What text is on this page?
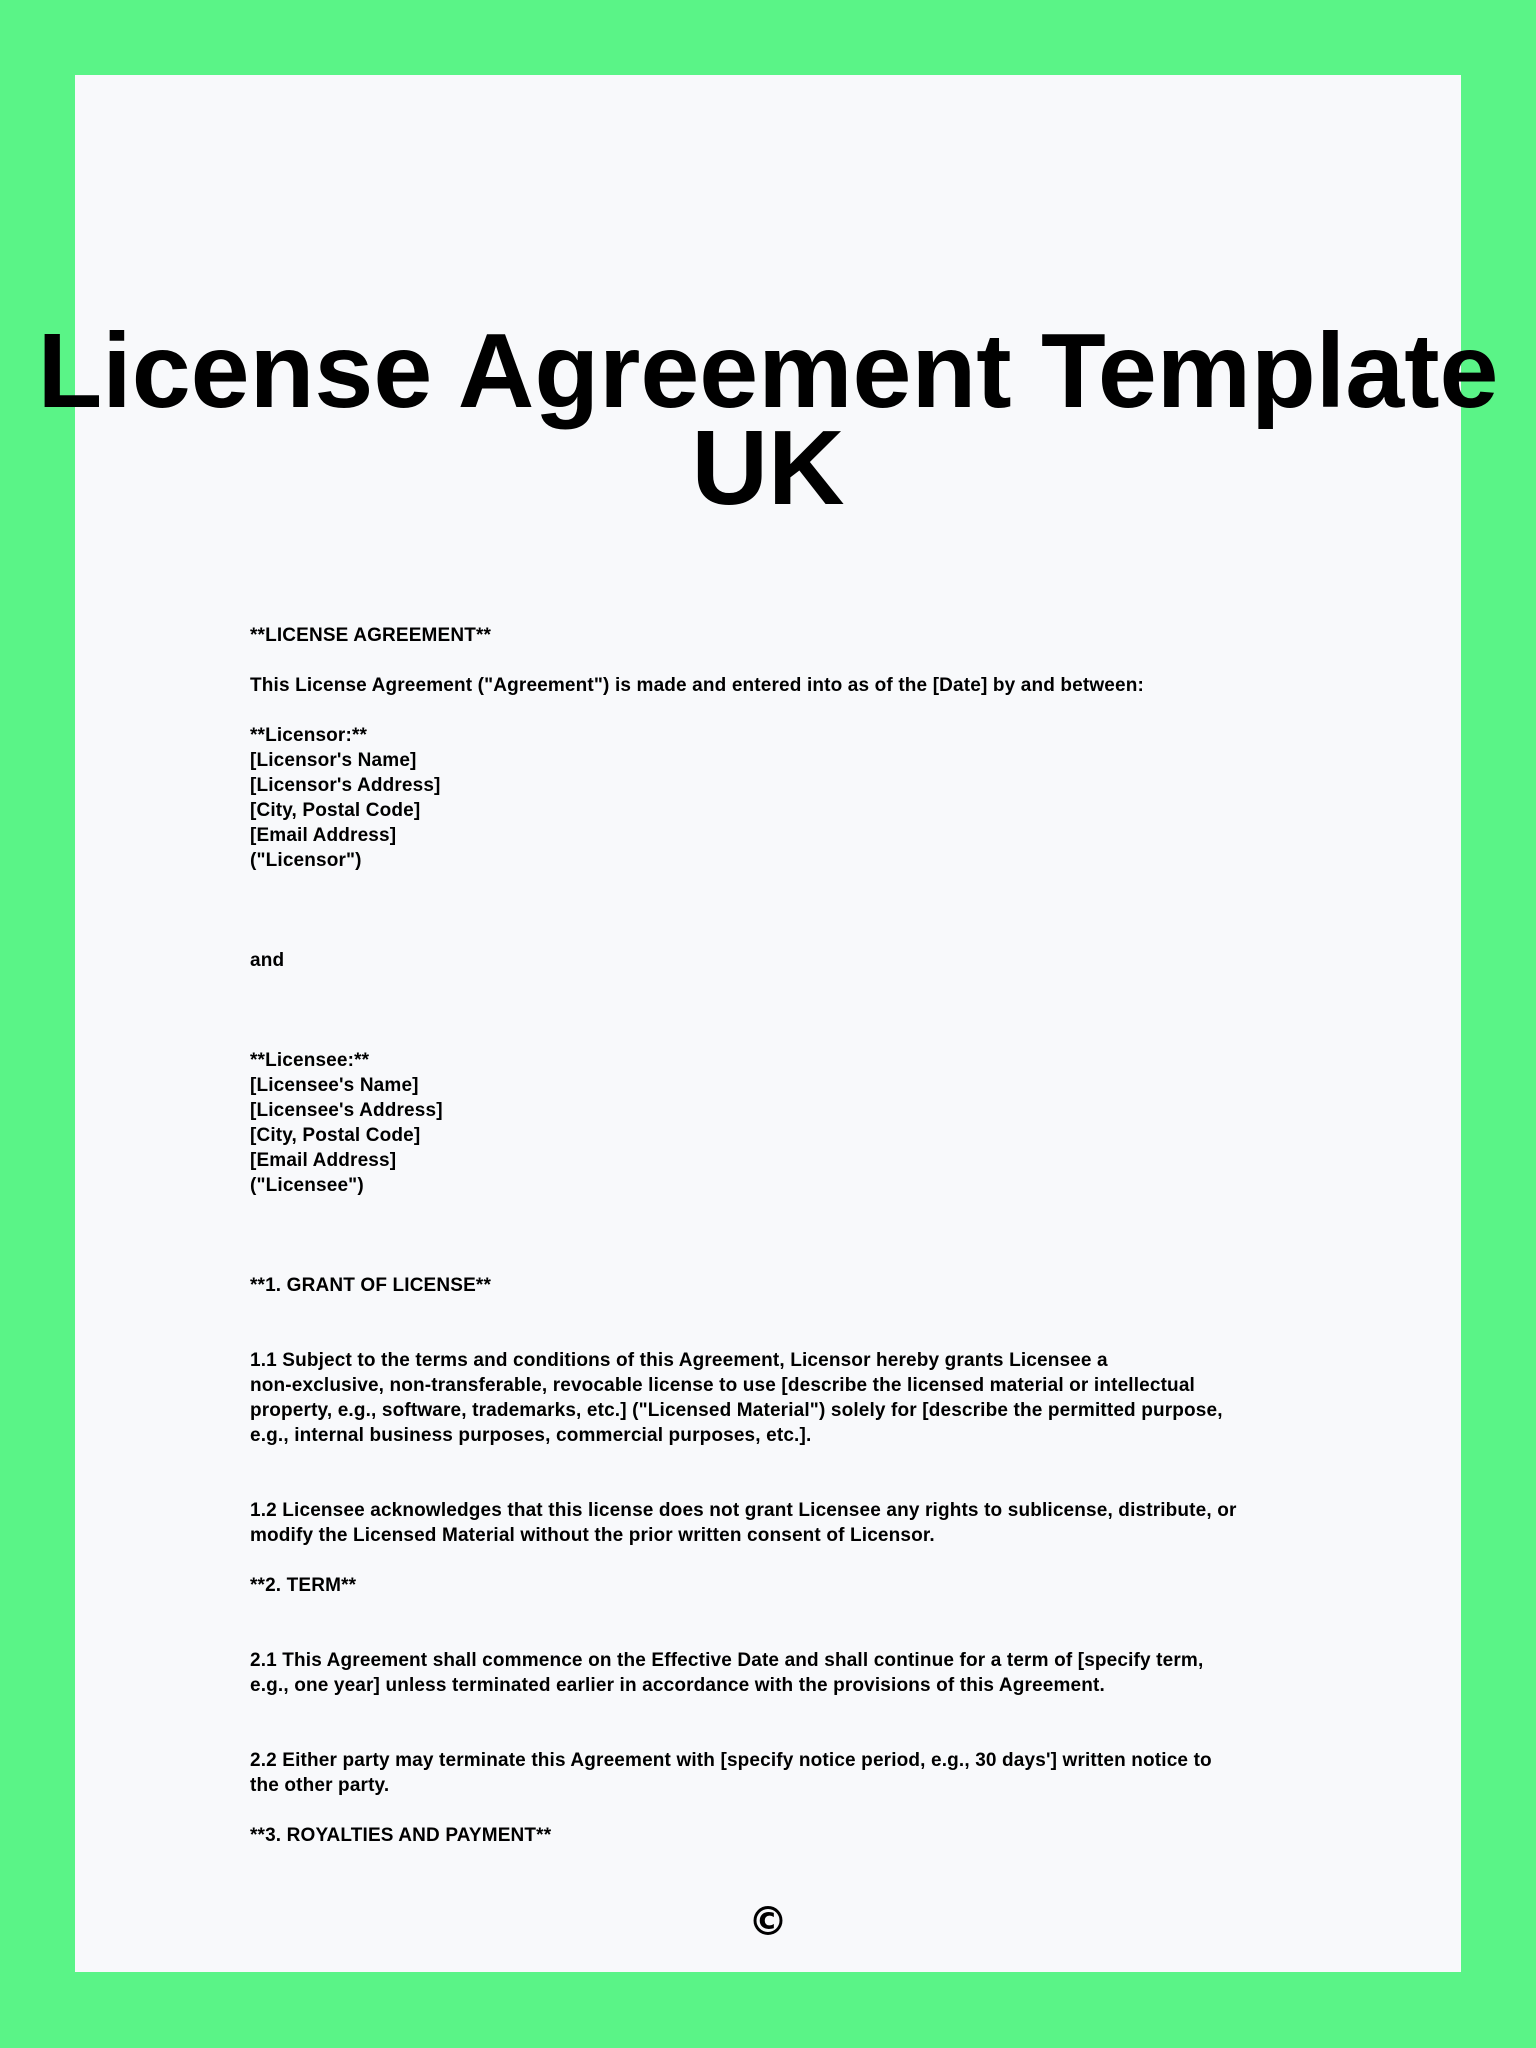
License Agreement Template
UK
**LICENSE AGREEMENT**
This License Agreement ("Agreement") is made and entered into as of the [Date] by and between:
**Licensor:**
[Licensor's Name]
[Licensor's Address]
[City, Postal Code]
[Email Address]
("Licensor")
and
**Licensee:**
[Licensee's Name]
[Licensee's Address]
[City, Postal Code]
[Email Address]
("Licensee")
**1. GRANT OF LICENSE**
1.1 Subject to the terms and conditions of this Agreement, Licensor hereby grants Licensee a
non-exclusive, non-transferable, revocable license to use [describe the licensed material or intellectual
property, e.g., software, trademarks, etc.] ("Licensed Material") solely for [describe the permitted purpose,
e.g., internal business purposes, commercial purposes, etc.].
1.2 Licensee acknowledges that this license does not grant Licensee any rights to sublicense, distribute, or
modify the Licensed Material without the prior written consent of Licensor.
**2. TERM**
2.1 This Agreement shall commence on the Effective Date and shall continue for a term of [specify term,
e.g., one year] unless terminated earlier in accordance with the provisions of this Agreement.
2.2 Either party may terminate this Agreement with [specify notice period, e.g., 30 days'] written notice to
the other party.
**3. ROYALTIES AND PAYMENT**
©
